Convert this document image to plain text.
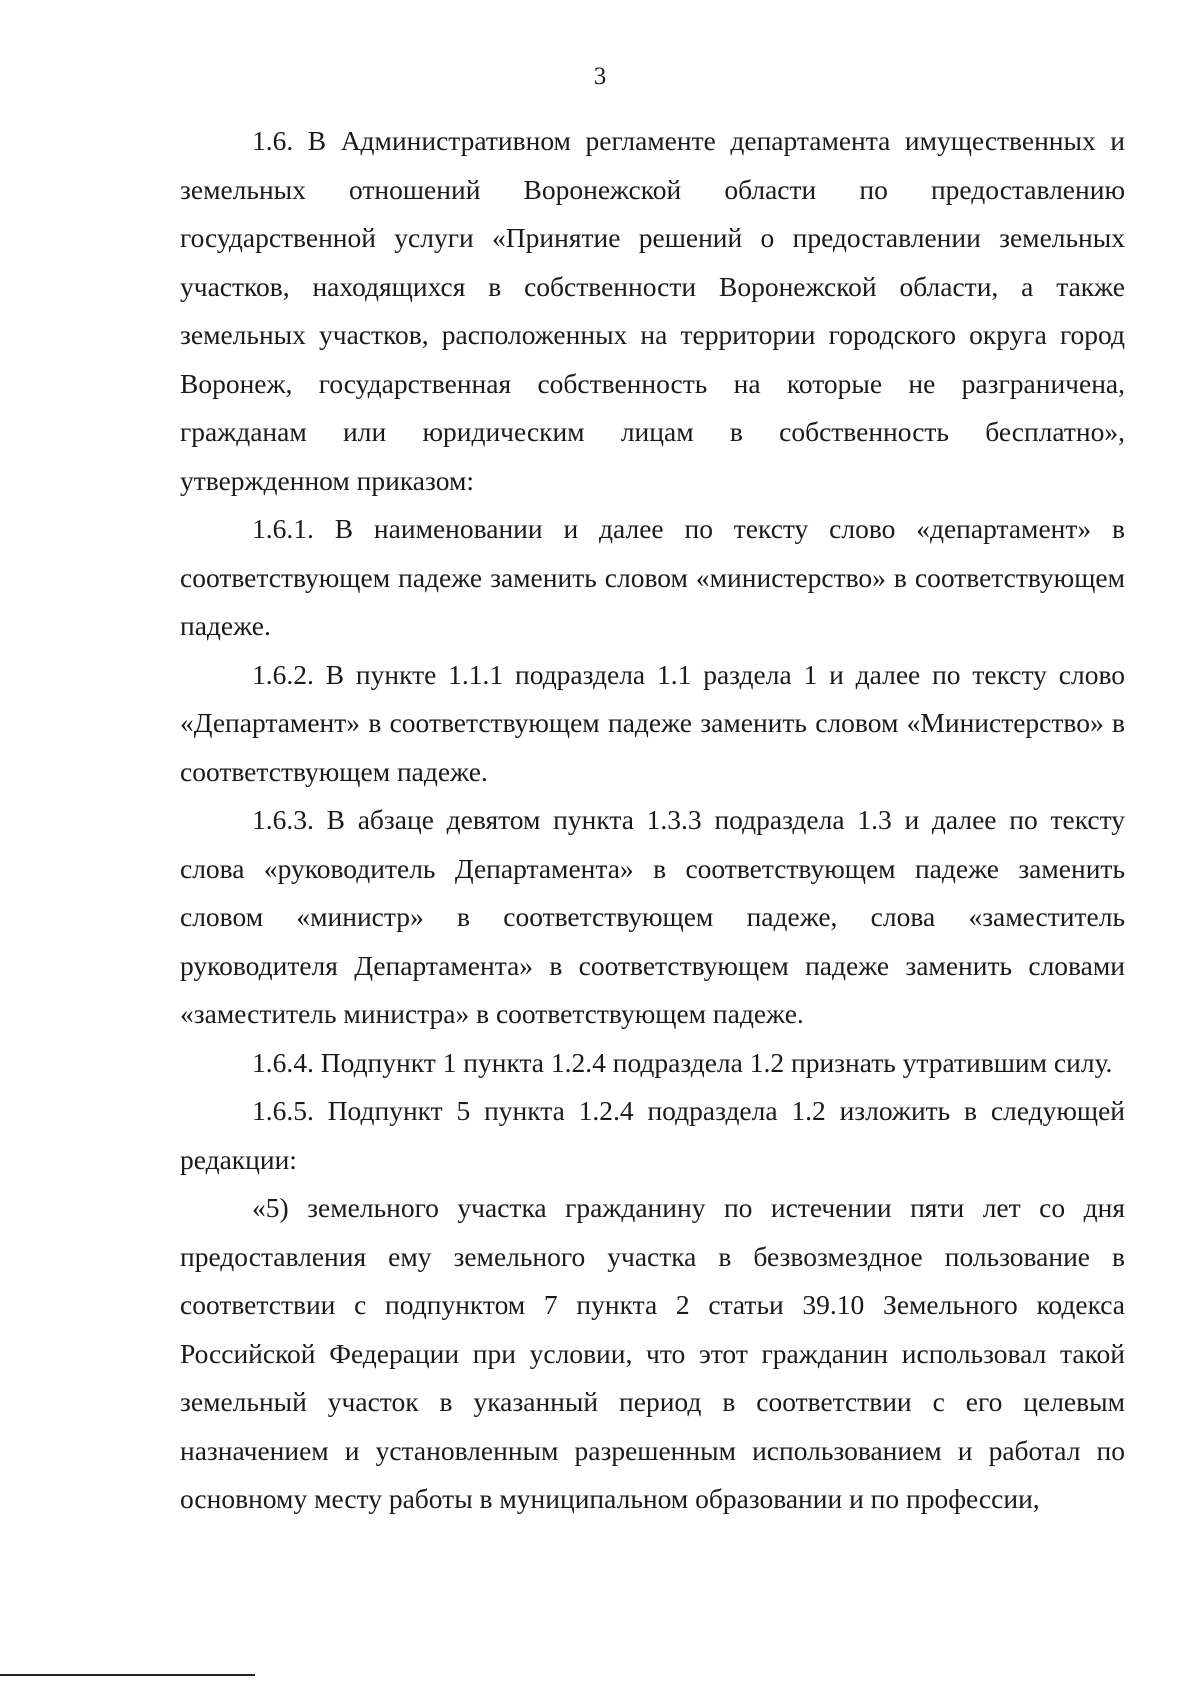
3

1.6. В Административном регламенте департамента имущественных и земельных отношений Воронежской области по предоставлению государственной услуги «Принятие решений о предоставлении земельных участков, находящихся в собственности Воронежской области, а также земельных участков, расположенных на территории городского округа город Воронеж, государственная собственность на которые не разграничена, гражданам или юридическим лицам в собственность бесплатно», утвержденном приказом:

1.6.1. В наименовании и далее по тексту слово «департамент» в соответствующем падеже заменить словом «министерство» в соответствующем падеже.

1.6.2. В пункте 1.1.1 подраздела 1.1 раздела 1 и далее по тексту слово «Департамент» в соответствующем падеже заменить словом «Министерство» в соответствующем падеже.

1.6.3. В абзаце девятом пункта 1.3.3 подраздела 1.3 и далее по тексту слова «руководитель Департамента» в соответствующем падеже заменить словом «министр» в соответствующем падеже, слова «заместитель руководителя Департамента» в соответствующем падеже заменить словами «заместитель министра» в соответствующем падеже.

1.6.4. Подпункт 1 пункта 1.2.4 подраздела 1.2 признать утратившим силу.

1.6.5. Подпункт 5 пункта 1.2.4 подраздела 1.2 изложить в следующей редакции:

«5) земельного участка гражданину по истечении пяти лет со дня предоставления ему земельного участка в безвозмездное пользование в соответствии с подпунктом 7 пункта 2 статьи 39.10 Земельного кодекса Российской Федерации при условии, что этот гражданин использовал такой земельный участок в указанный период в соответствии с его целевым назначением и установленным разрешенным использованием и работал по основному месту работы в муниципальном образовании и по профессии,
